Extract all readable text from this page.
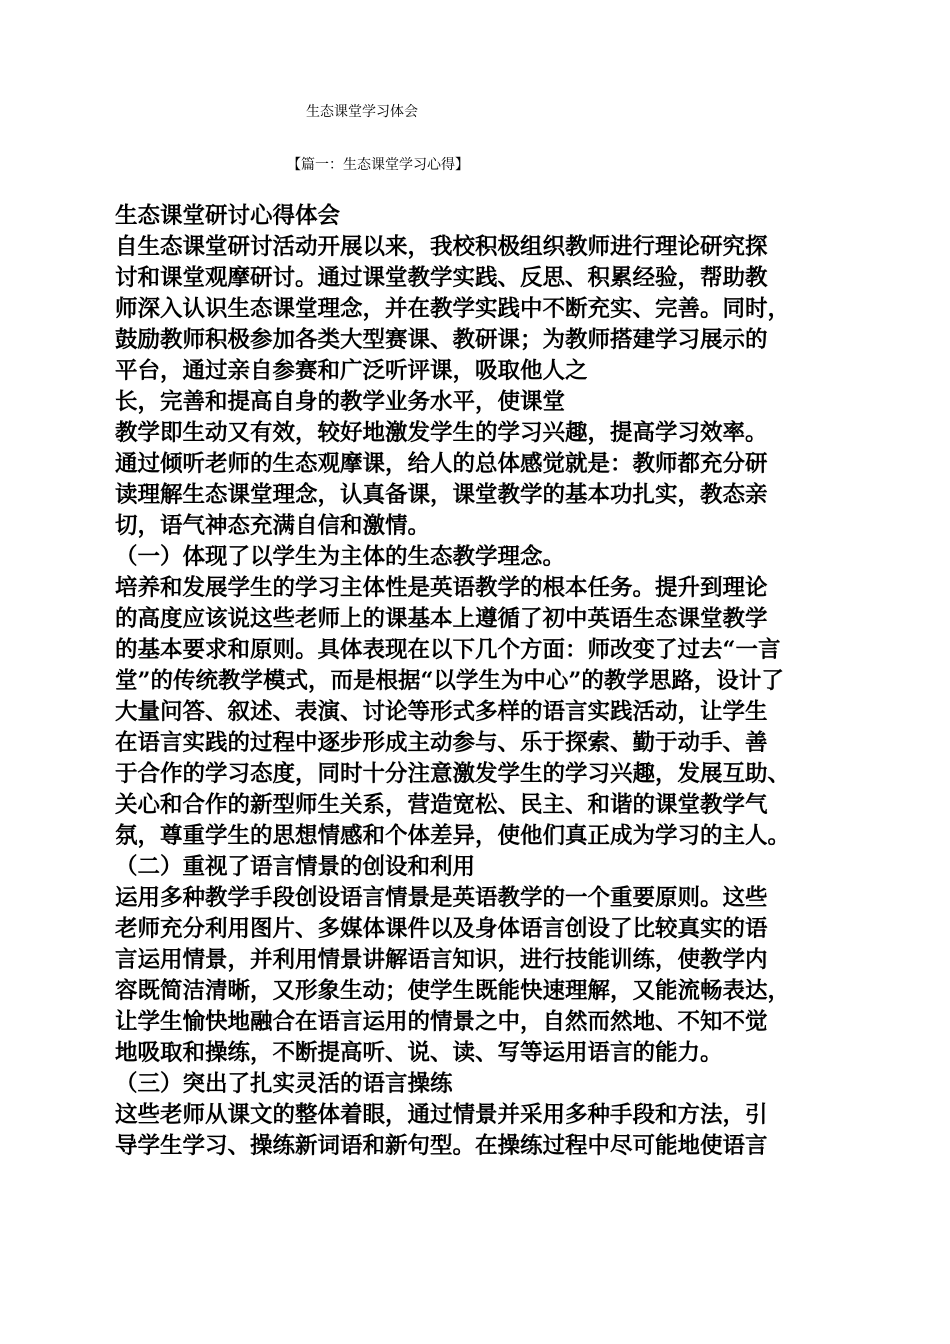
生态课堂学习体会

【篇一：生态课堂学习心得】

生态课堂研讨心得体会
自生态课堂研讨活动开展以来，我校积极组织教师进行理论研究探
讨和课堂观摩研讨。通过课堂教学实践、反思、积累经验，帮助教
师深入认识生态课堂理念，并在教学实践中不断充实、完善。同时，
鼓励教师积极参加各类大型赛课、教研课；为教师搭建学习展示的
平台，通过亲自参赛和广泛听评课，吸取他人之
长，完善和提高自身的教学业务水平，使课堂
教学即生动又有效，较好地激发学生的学习兴趣，提高学习效率。
通过倾听老师的生态观摩课，给人的总体感觉就是：教师都充分研
读理解生态课堂理念，认真备课，课堂教学的基本功扎实，教态亲
切，语气神态充满自信和激情。
（一）体现了以学生为主体的生态教学理念。
培养和发展学生的学习主体性是英语教学的根本任务。提升到理论
的高度应该说这些老师上的课基本上遵循了初中英语生态课堂教学
的基本要求和原则。具体表现在以下几个方面：师改变了过去“一言
堂”的传统教学模式，而是根据“以学生为中心”的教学思路，设计了
大量问答、叙述、表演、讨论等形式多样的语言实践活动，让学生
在语言实践的过程中逐步形成主动参与、乐于探索、勤于动手、善
于合作的学习态度，同时十分注意激发学生的学习兴趣，发展互助、
关心和合作的新型师生关系，营造宽松、民主、和谐的课堂教学气
氛，尊重学生的思想情感和个体差异，使他们真正成为学习的主人。
（二）重视了语言情景的创设和利用
运用多种教学手段创设语言情景是英语教学的一个重要原则。这些
老师充分利用图片、多媒体课件以及身体语言创设了比较真实的语
言运用情景，并利用情景讲解语言知识，进行技能训练，使教学内
容既简洁清晰，又形象生动；使学生既能快速理解，又能流畅表达，
让学生愉快地融合在语言运用的情景之中，自然而然地、不知不觉
地吸取和操练，不断提高听、说、读、写等运用语言的能力。
（三）突出了扎实灵活的语言操练
这些老师从课文的整体着眼，通过情景并采用多种手段和方法，引
导学生学习、操练新词语和新句型。在操练过程中尽可能地使语言
